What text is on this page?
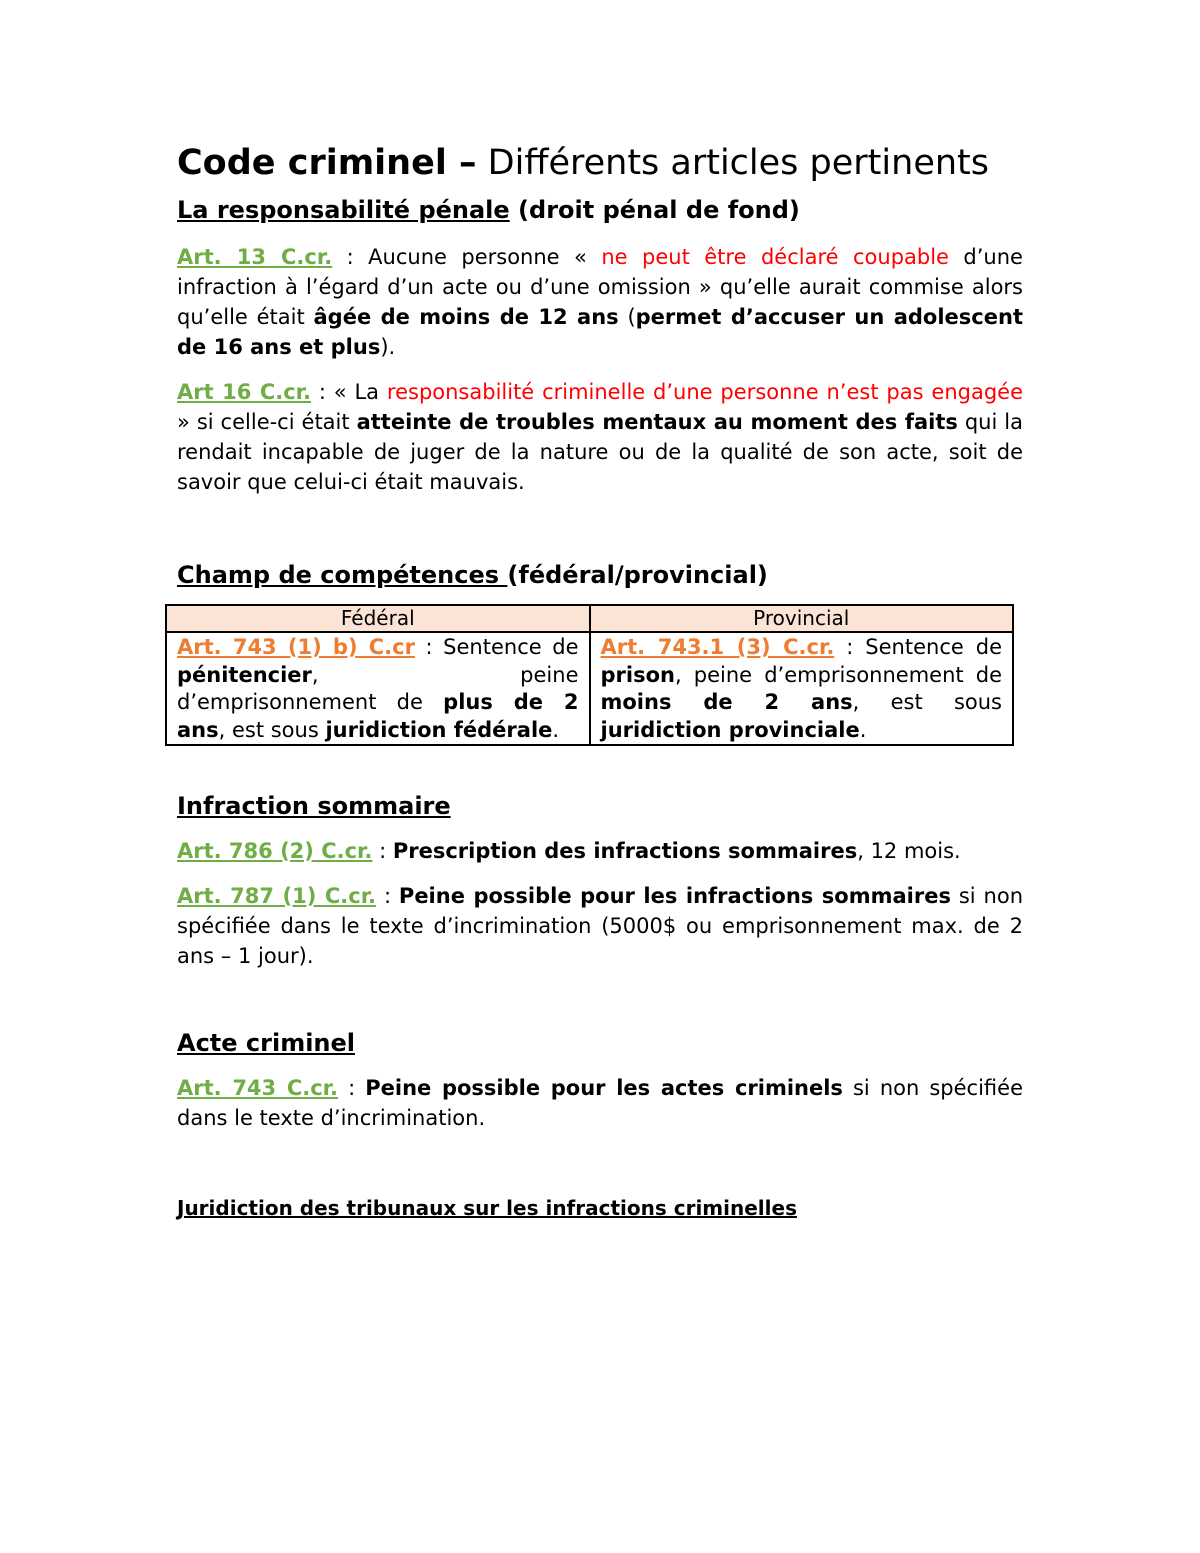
Code criminel – Différents articles pertinents
La responsabilité pénale (droit pénal de fond)

Art. 13 C.cr. : Aucune personne « ne peut être déclaré coupable d’une infraction à l’égard d’un acte ou d’une omission » qu’elle aurait commise alors qu’elle était âgée de moins de 12 ans (permet d’accuser un adolescent de 16 ans et plus).

Art 16 C.cr. : « La responsabilité criminelle d’une personne n’est pas engagée » si celle-ci était atteinte de troubles mentaux au moment des faits qui la rendait incapable de juger de la nature ou de la qualité de son acte, soit de savoir que celui-ci était mauvais.

Champ de compétences (fédéral/provincial)
Fédéral	Provincial
Art. 743 (1) b) C.cr : Sentence de pénitencier, peine d’emprisonnement de plus de 2 ans, est sous juridiction fédérale.	Art. 743.1 (3) C.cr. : Sentence de prison, peine d’emprisonnement de moins de 2 ans, est sous juridiction provinciale.
Infraction sommaire

Art. 786 (2) C.cr. : Prescription des infractions sommaires, 12 mois.

Art. 787 (1) C.cr. : Peine possible pour les infractions sommaires si non spécifiée dans le texte d’incrimination (5000$ ou emprisonnement max. de 2 ans – 1 jour).

Acte criminel

Art. 743 C.cr. : Peine possible pour les actes criminels si non spécifiée dans le texte d’incrimination.

Juridiction des tribunaux sur les infractions criminelles
